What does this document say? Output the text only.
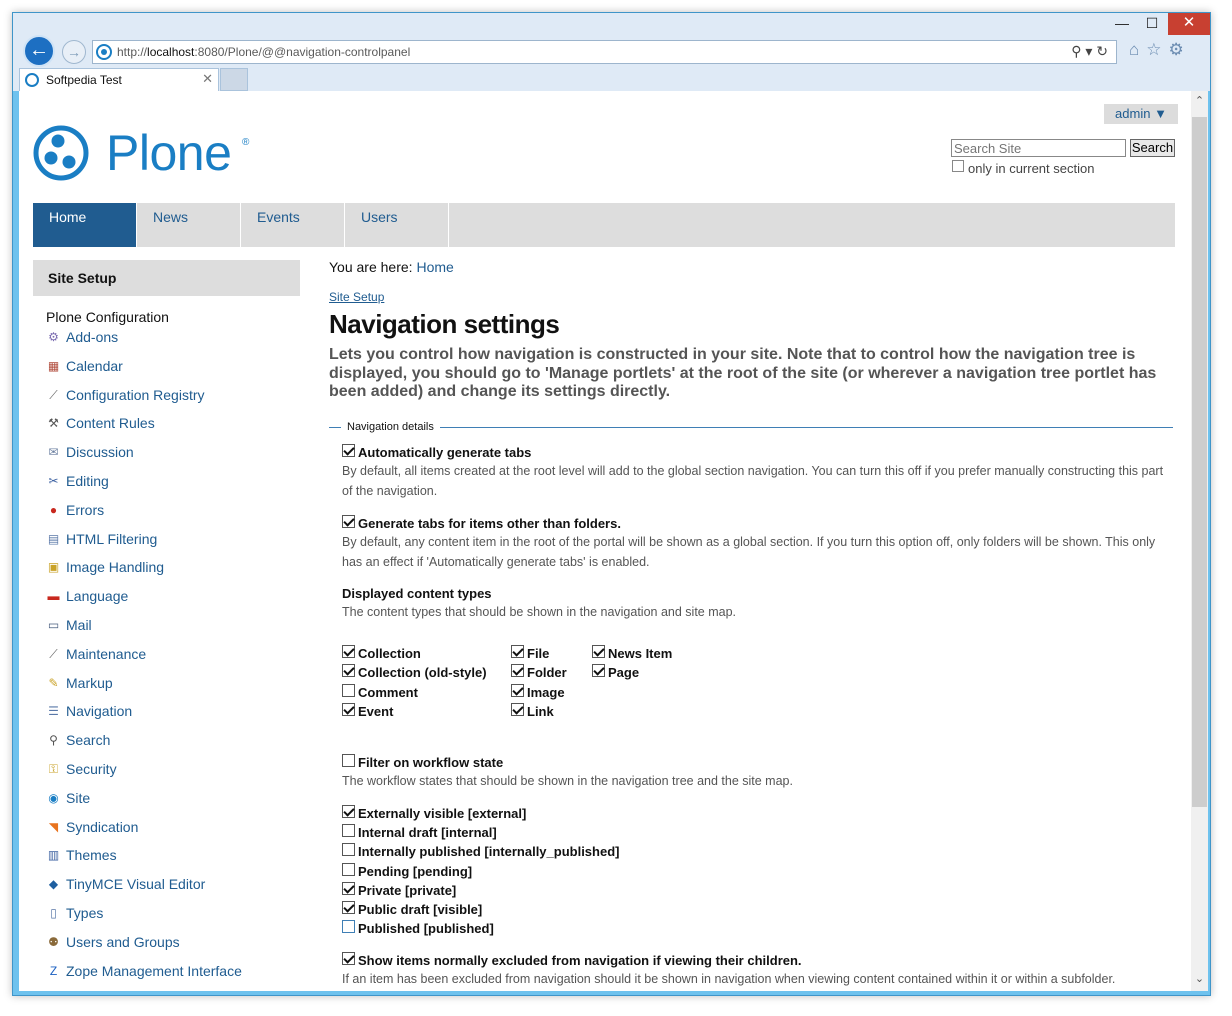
—	☐	✕
←	→	http://localhost:8080/Plone/@@navigation-controlpanel	⚲ ▾ ↻ ⌂☆⚙
Softpedia Test	✕
admin ▼
Plone ®
Search Site	Search
only in current section
Home	News	Events	Users
Site Setup
Plone Configuration
⚙ Add-ons
▦ Calendar
⟋ Configuration Registry
⚒ Content Rules
✉ Discussion
✂ Editing
● Errors
▤ HTML Filtering
▣ Image Handling
▬ Language
▭ Mail
⟋ Maintenance
✎ Markup
☰ Navigation
⚲ Search
⚿ Security
◉ Site
◥ Syndication
▥ Themes
◆ TinyMCE Visual Editor
▯ Types
⚉ Users and Groups
Z Zope Management Interface
You are here: Home
Site Setup
Navigation settings
Lets you control how navigation is constructed in your site. Note that to control how the navigation tree is displayed, you should go to 'Manage portlets' at the root of the site (or wherever a navigation tree portlet has been added) and change its settings directly.
Navigation details
Automatically generate tabs
By default, all items created at the root level will add to the global section navigation. You can turn this off if you prefer manually constructing this part of the navigation.
Generate tabs for items other than folders.
By default, any content item in the root of the portal will be shown as a global section. If you turn this option off, only folders will be shown. This only has an effect if 'Automatically generate tabs' is enabled.
Displayed content types
The content types that should be shown in the navigation and site map.
Collection
Collection (old-style)
Comment
Event
File
Folder
Image
Link
News Item
Page
Filter on workflow state
The workflow states that should be shown in the navigation tree and the site map.
Externally visible [external]
Internal draft [internal]
Internally published [internally_published]
Pending [pending]
Private [private]
Public draft [visible]
Published [published]
Show items normally excluded from navigation if viewing their children.
If an item has been excluded from navigation should it be shown in navigation when viewing content contained within it or within a subfolder.
⌃
⌄
